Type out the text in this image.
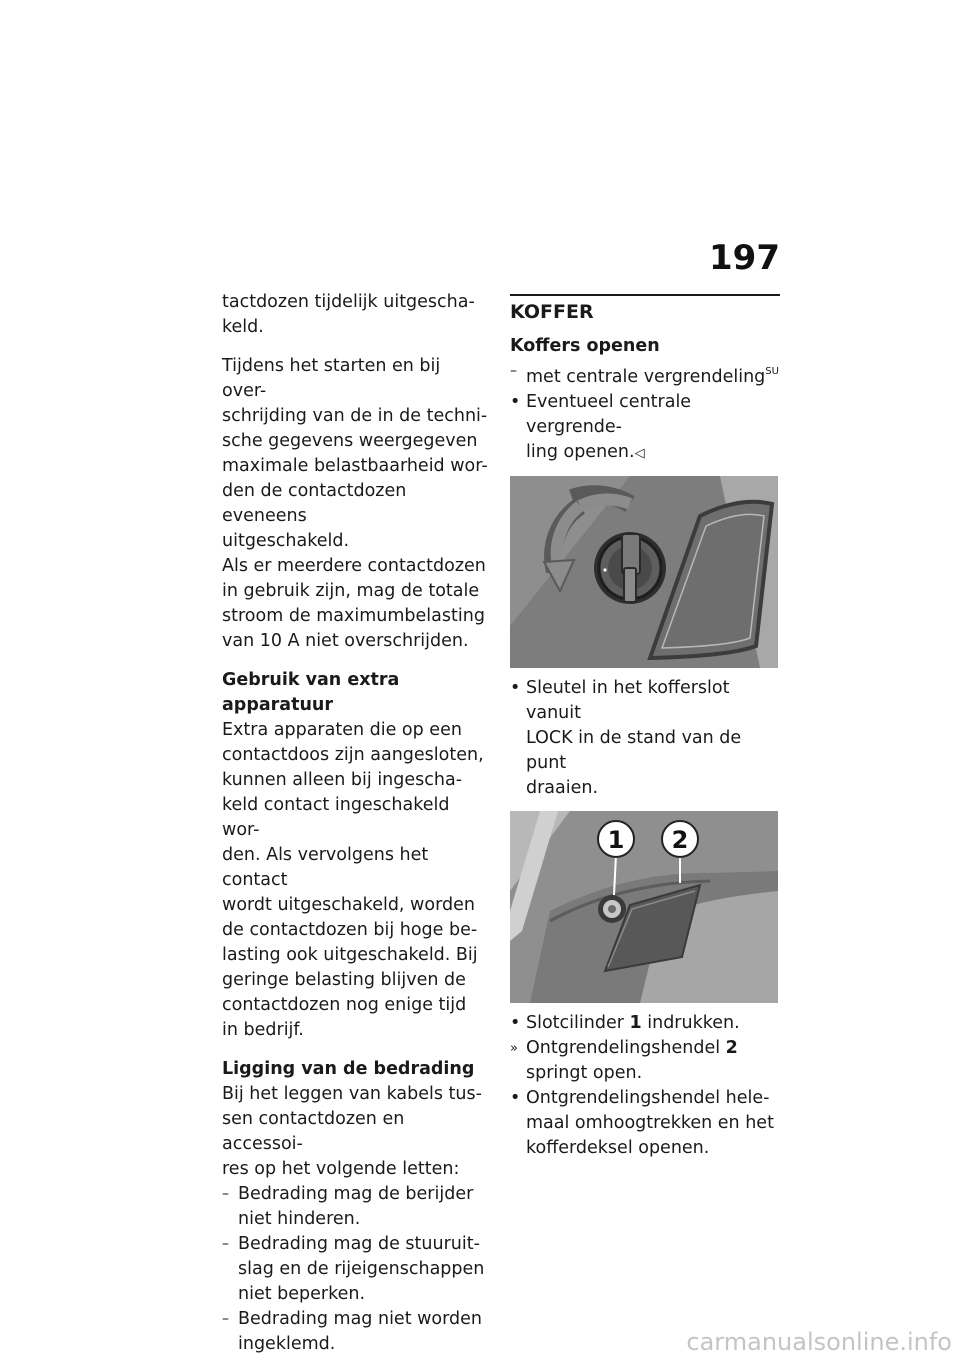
197

tactdozen tijdelijk uitgescha-
keld.

Tijdens het starten en bij over-
schrijding van de in de techni-
sche gegevens weergegeven
maximale belastbaarheid wor-
den de contactdozen eveneens
uitgeschakeld.

Als er meerdere contactdozen
in gebruik zijn, mag de totale
stroom de maximumbelasting
van 10 A niet overschrijden.

Gebruik van extra apparatuur

Extra apparaten die op een
contactdoos zijn aangesloten,
kunnen alleen bij ingescha-
keld contact ingeschakeld wor-
den. Als vervolgens het contact
wordt uitgeschakeld, worden
de contactdozen bij hoge be-
lasting ook uitgeschakeld. Bij
geringe belasting blijven de
contactdozen nog enige tijd
in bedrijf.

Ligging van de bedrading

Bij het leggen van kabels tus-
sen contactdozen en accessoi-
res op het volgende letten:

– Bedrading mag de berijder
niet hinderen.
– Bedrading mag de stuuruit-
slag en de rijeigenschappen
niet beperken.
– Bedrading mag niet worden
ingeklemd.
KOFFER

Koffers openen

– met centrale vergrendeling$^{SU}$
• Eventueel centrale vergrende-
ling openen.◁
• Sleutel in het kofferslot vanuit
LOCK in de stand van de punt
draaien.
1 2
• Slotcilinder 1 indrukken.
» Ontgrendelingshendel 2
springt open.
• Ontgrendelingshendel hele-
maal omhoogtrekken en het
kofferdeksel openen.
carmanualsonline.info
